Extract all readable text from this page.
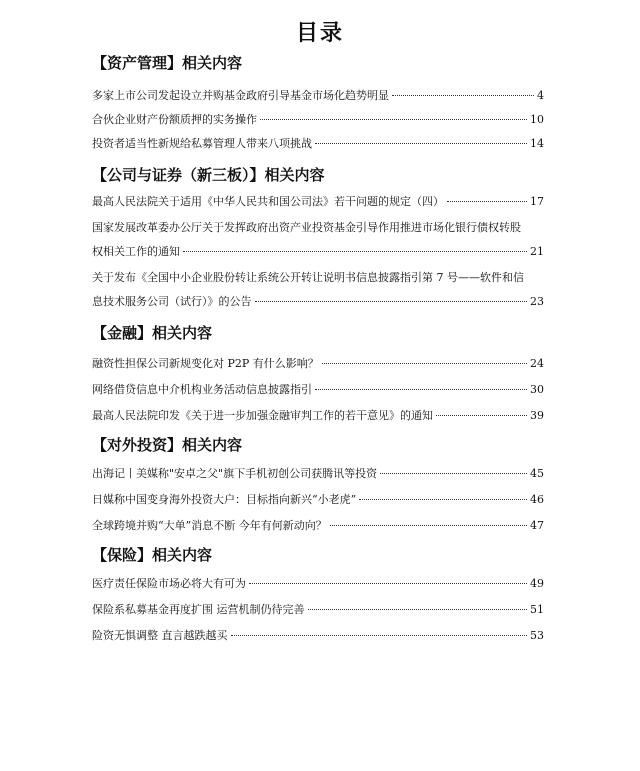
目录
【资产管理】相关内容
多家上市公司发起设立并购基金政府引导基金市场化趋势明显	4
合伙企业财产份额质押的实务操作	10
投资者适当性新规给私募管理人带来八项挑战	14
【公司与证券（新三板）】相关内容
最高人民法院关于适用《中华人民共和国公司法》若干问题的规定（四）	17
国家发展改革委办公厅关于发挥政府出资产业投资基金引导作用推进市场化银行债权转股
权相关工作的通知	21
关于发布《全国中小企业股份转让系统公开转让说明书信息披露指引第 7 号——软件和信
息技术服务公司（试行）》的公告	23
【金融】相关内容
融资性担保公司新规变化对 P2P 有什么影响？	24
网络借贷信息中介机构业务活动信息披露指引	30
最高人民法院印发《关于进一步加强金融审判工作的若干意见》的通知	39
【对外投资】相关内容
出海记丨美媒称"安卓之父"旗下手机初创公司获腾讯等投资	45
日媒称中国变身海外投资大户：目标指向新兴“小老虎”	46
全球跨境并购“大单”消息不断 今年有何新动向？	47
【保险】相关内容
医疗责任保险市场必将大有可为	49
保险系私募基金再度扩围 运营机制仍待完善	51
险资无惧调整 直言越跌越买	53
